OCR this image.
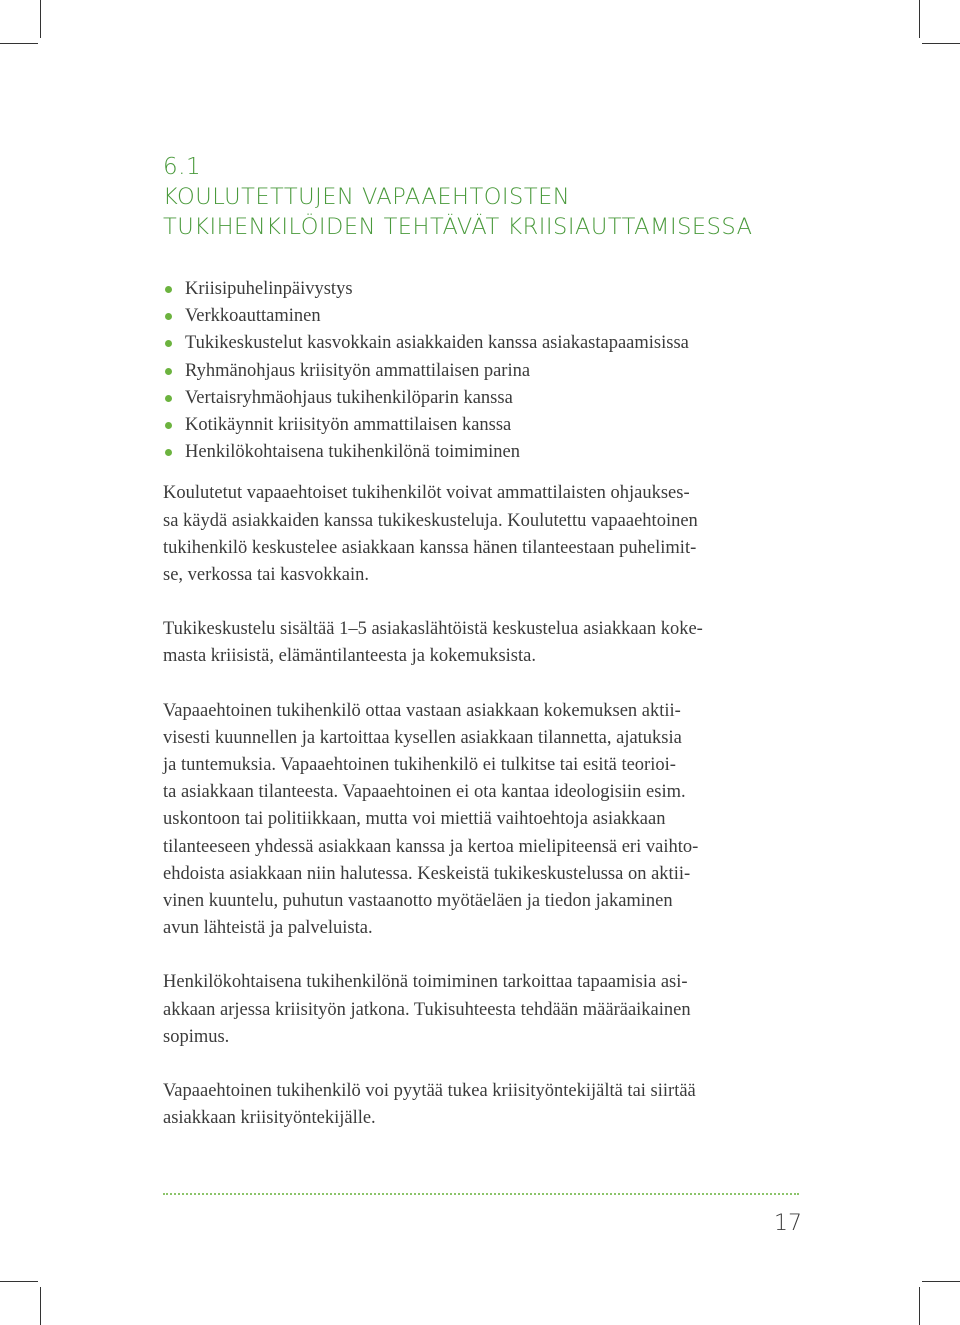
6.1

KOULUTETTUJEN VAPAAEHTOISTEN
TUKIHENKILÖIDEN TEHTÄVÄT KRIISIAUTTAMISESSA
Kriisipuhelinpäivystys
Verkkoauttaminen
Tukikeskustelut kasvokkain asiakkaiden kanssa asiakastapaamisissa
Ryhmänohjaus kriisityön ammattilaisen parina
Vertaisryhmäohjaus tukihenkilöparin kanssa
Kotikäynnit kriisityön ammattilaisen kanssa
Henkilökohtaisena tukihenkilönä toimiminen

Koulutetut vapaaehtoiset tukihenkilöt voivat ammattilaisten ohjaukses-
sa käydä asiakkaiden kanssa tukikeskusteluja. Koulutettu vapaaehtoinen
tukihenkilö keskustelee asiakkaan kanssa hänen tilanteestaan puhelimit-
se, verkossa tai kasvokkain.

Tukikeskustelu sisältää 1–5 asiakaslähtöistä keskustelua asiakkaan koke-
masta kriisistä, elämäntilanteesta ja kokemuksista.

Vapaaehtoinen tukihenkilö ottaa vastaan asiakkaan kokemuksen aktii-
visesti kuunnellen ja kartoittaa kysellen asiakkaan tilannetta, ajatuksia
ja tuntemuksia. Vapaaehtoinen tukihenkilö ei tulkitse tai esitä teorioi-
ta asiakkaan tilanteesta. Vapaaehtoinen ei ota kantaa ideologisiin esim.
uskontoon tai politiikkaan, mutta voi miettiä vaihtoehtoja asiakkaan
tilanteeseen yhdessä asiakkaan kanssa ja kertoa mielipiteensä eri vaihto-
ehdoista asiakkaan niin halutessa. Keskeistä tukikeskustelussa on aktii-
vinen kuuntelu, puhutun vastaanotto myötäeläen ja tiedon jakaminen
avun lähteistä ja palveluista.

Henkilökohtaisena tukihenkilönä toimiminen tarkoittaa tapaamisia asi-
akkaan arjessa kriisityön jatkona. Tukisuhteesta tehdään määräaikainen
sopimus.

Vapaaehtoinen tukihenkilö voi pyytää tukea kriisityöntekijältä tai siirtää
asiakkaan kriisityöntekijälle.

17
